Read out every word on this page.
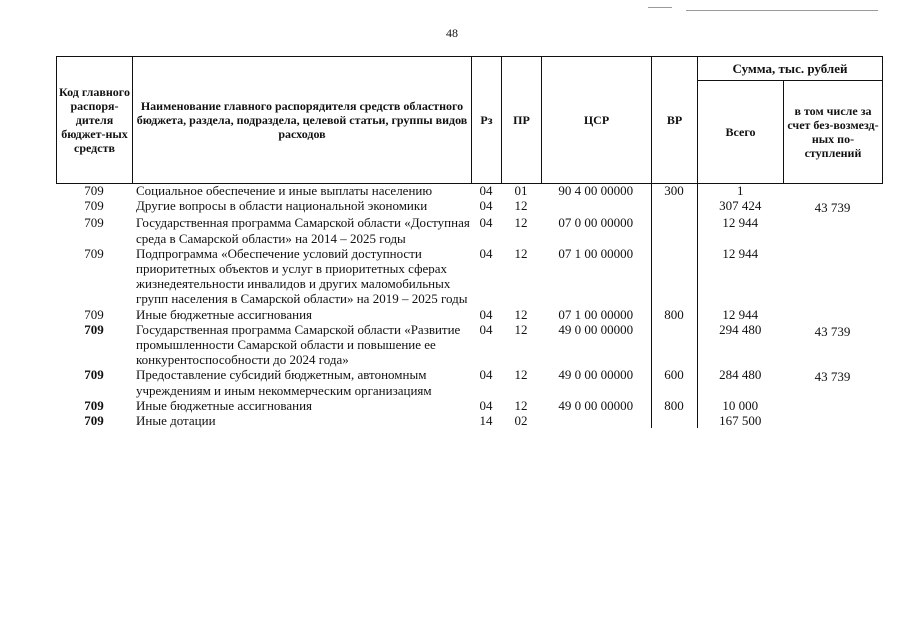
48
Код главного распоря-дителя бюджет-ных средств	Наименование главного распорядителя средств областного бюджета, раздела, подраздела, целевой статьи, группы видов расходов	Рз	ПР	ЦСР	ВР	Сумма, тыс. рублей	
						Всего	в том числе за счет без-возмезд-ных по-ступлений
709	Социальное обеспечение и иные выплаты населению	04	01	90 4 00 00000	300	1	
709	Другие вопросы в области национальной экономики	04	12			307 424	43 739
709	Государственная программа Самарской области «Доступная среда в Самарской области» на 2014 – 2025 годы	04	12	07 0 00 00000		12 944	
709	Подпрограмма «Обеспечение условий доступности приоритетных объектов и услуг в приоритетных сферах жизнедеятельности инвалидов и других маломобильных групп населения в Самарской области» на 2019 – 2025 годы	04	12	07 1 00 00000		12 944	
709	Иные бюджетные ассигнования	04	12	07 1 00 00000	800	12 944	
709	Государственная программа Самарской области «Развитие промышленности Самарской области и повышение ее конкурентоспособности до 2024 года»	04	12	49 0 00 00000		294 480	43 739
709	Предоставление субсидий бюджетным, автономным учреждениям и иным некоммерческим организациям	04	12	49 0 00 00000	600	284 480	43 739
709	Иные бюджетные ассигнования	04	12	49 0 00 00000	800	10 000	
709	Иные дотации	14	02			167 500	
